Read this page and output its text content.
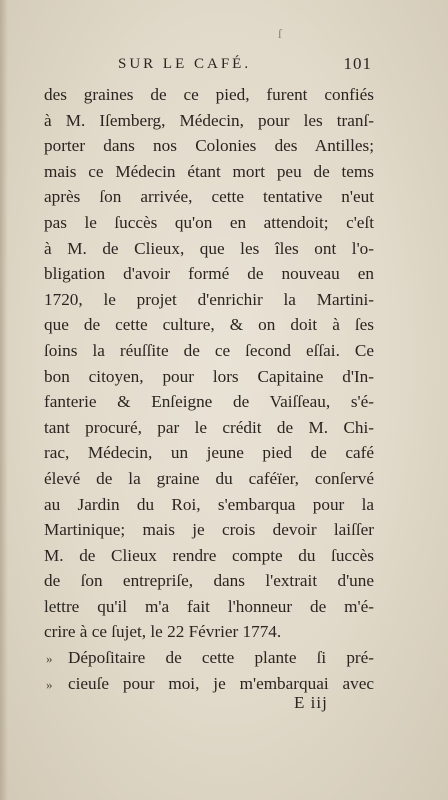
ſ
SUR LE CAFÉ.	101
des graines de ce pied, furent confiés
à M. Iſemberg, Médecin, pour les tranſ-
porter dans nos Colonies des Antilles;
mais ce Médecin étant mort peu de tems
après ſon arrivée, cette tentative n'eut
pas le ſuccès qu'on en attendoit; c'eſt
à M. de Clieux, que les îles ont l'o-
bligation d'avoir formé de nouveau en
1720, le projet d'enrichir la Martini-
que de cette culture, & on doit à ſes
ſoins la réuſſite de ce ſecond eſſai. Ce
bon citoyen, pour lors Capitaine d'In-
fanterie & Enſeigne de Vaiſſeau, s'é-
tant procuré, par le crédit de M. Chi-
rac, Médecin, un jeune pied de café
élevé de la graine du caféïer, conſervé
au Jardin du Roi, s'embarqua pour la
Martinique; mais je crois devoir laiſſer
M. de Clieux rendre compte du ſuccès
de ſon entrepriſe, dans l'extrait d'une
lettre qu'il m'a fait l'honneur de m'é-
crire à ce ſujet, le 22 Février 1774.
» Dépoſitaire de cette plante ſi pré-
» cieuſe pour moi, je m'embarquai avec
E iij
